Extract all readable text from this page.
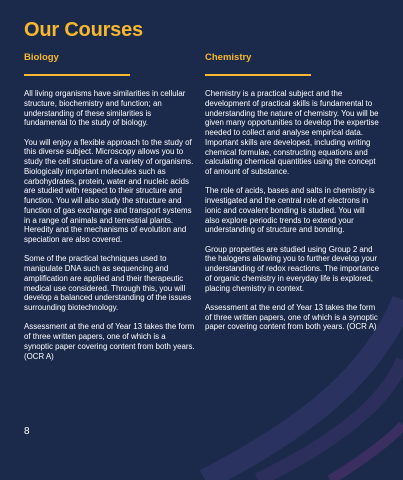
Our Courses
Biology

All living organisms have similarities in cellular structure, biochemistry and function; an understanding of these similarities is fundamental to the study of biology.

You will enjoy a flexible approach to the study of this diverse subject. Microscopy allows you to study the cell structure of a variety of organisms. Biologically important molecules such as carbohydrates, protein, water and nucleic acids are studied with respect to their structure and function. You will also study the structure and function of gas exchange and transport systems in a range of animals and terrestrial plants. Heredity and the mechanisms of evolution and speciation are also covered.

Some of the practical techniques used to manipulate DNA such as sequencing and amplification are applied and their therapeutic medical use considered. Through this, you will develop a balanced understanding of the issues surrounding biotechnology.

Assessment at the end of Year 13 takes the form of three written papers, one of which is a synoptic paper covering content from both years. (OCR A)

Chemistry

Chemistry is a practical subject and the development of practical skills is fundamental to understanding the nature of chemistry. You will be given many opportunities to develop the expertise needed to collect and analyse empirical data. Important skills are developed, including writing chemical formulae, constructing equations and calculating chemical quantities using the concept of amount of substance.

The role of acids, bases and salts in chemistry is investigated and the central role of electrons in ionic and covalent bonding is studied. You will also explore periodic trends to extend your understanding of structure and bonding.

Group properties are studied using Group 2 and the halogens allowing you to further develop your understanding of redox reactions. The importance of organic chemistry in everyday life is explored, placing chemistry in context.

Assessment at the end of Year 13 takes the form of three written papers, one of which is a synoptic paper covering content from both years. (OCR A)

8
